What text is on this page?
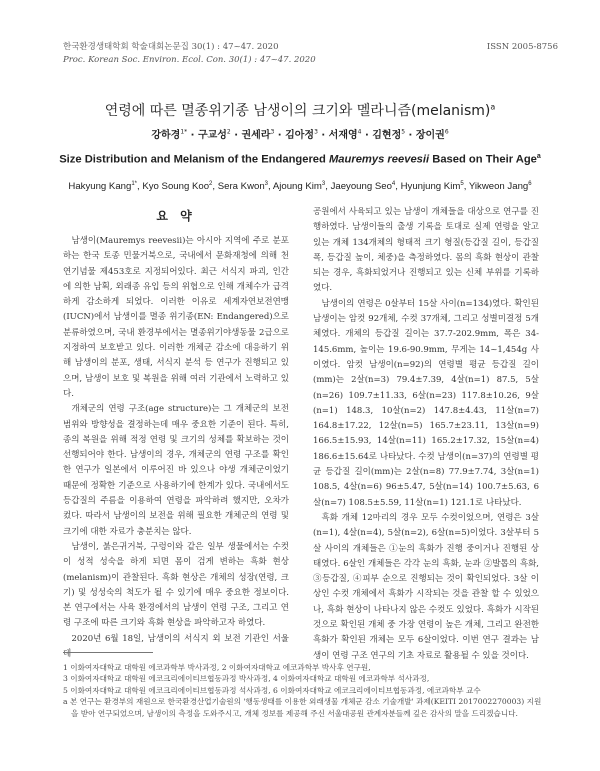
한국환경생태학회 학술대회논문집 30(1) : 47~47. 2020	ISSN 2005-8756
Proc. Korean Soc. Environ. Ecol. Con. 30(1) : 47~47. 2020
연령에 따른 멸종위기종 남생이의 크기와 멜라니즘(melanism)$^a$
강하경$^{1*}$ · 구교성$^2$ · 권세라$^3$ · 김아정$^3$ · 서재영$^4$ · 김현정$^5$ · 장이권$^6$
Size Distribution and Melanism of the Endangered Mauremys reevesii Based on Their Age$^a$
Hakyung Kang$^{1*}$, Kyo Soung Koo$^2$, Sera Kwon$^3$, Ajoung Kim$^3$, Jaeyoung Seo$^4$, Hyunjung Kim$^5$, Yikweon Jang$^6$
요 약

남생이(Mauremys reevesii)는 아시아 지역에 주로 분포하는 한국 토종 민물거북으로, 국내에서 문화재청에 의해 천연기념물 제453호로 지정되어있다. 최근 서식지 파괴, 인간에 의한 남획, 외래종 유입 등의 위협으로 인해 개체수가 급격하게 감소하게 되었다. 이러한 이유로 세계자연보전연맹(IUCN)에서 남생이를 멸종 위기종(EN: Endangered)으로 분류하였으며, 국내 환경부에서는 멸종위기야생동물 2급으로 지정하여 보호받고 있다. 이러한 개체군 감소에 대응하기 위해 남생이의 분포, 생태, 서식지 분석 등 연구가 진행되고 있으며, 남생이 보호 및 복원을 위해 여러 기관에서 노력하고 있다.

개체군의 연령 구조(age structure)는 그 개체군의 보전 범위와 방향성을 결정하는데 매우 중요한 기준이 된다. 특히, 종의 복원을 위해 적정 연령 및 크기의 성체를 확보하는 것이 선행되어야 한다. 남생이의 경우, 개체군의 연령 구조를 확인한 연구가 일본에서 이루어진 바 있으나 야생 개체군이었기 때문에 정확한 기준으로 사용하기에 한계가 있다. 국내에서도 등갑질의 주름을 이용하여 연령을 파악하려 했지만, 오차가 컸다. 따라서 남생이의 보전을 위해 필요한 개체군의 연령 및 크기에 대한 자료가 충분치는 않다.

남생이, 붉은귀거북, 구렁이와 같은 일부 생물에서는 수컷이 성적 성숙을 하게 되면 몸이 검게 변하는 흑화 현상(melanism)이 관찰된다. 흑화 현상은 개체의 성장(연령, 크기) 및 성성숙의 척도가 될 수 있기에 매우 중요한 정보이다. 본 연구에서는 사육 환경에서의 남생이 연령 구조, 그리고 연령 구조에 따른 크기와 흑화 현상을 파악하고자 하였다.

2020년 6월 18일, 남생이의 서식지 외 보전 기관인 서울대

공원에서 사육되고 있는 남생이 개체들을 대상으로 연구를 진행하였다. 남생이들의 출생 기록을 토대로 실제 연령을 알고 있는 개체 134개체의 형태적 크기 형질(등갑질 길이, 등갑질 폭, 등갑질 높이, 체중)을 측정하였다. 몸의 흑화 현상이 관찰되는 경우, 흑화되었거나 진행되고 있는 신체 부위를 기록하였다.

남생이의 연령은 0살부터 15살 사이(n=134)였다. 확인된 남생이는 암컷 92개체, 수컷 37개체, 그리고 성별미결정 5개체였다. 개체의 등갑질 길이는 37.7-202.9mm, 폭은 34-145.6mm, 높이는 19.6-90.9mm, 무게는 14~1,454g 사이였다. 암컷 남생이(n=92)의 연령별 평균 등갑질 길이(mm)는 2살(n=3) 79.4±7.39, 4살(n=1) 87.5, 5살(n=26) 109.7±11.33, 6살(n=23) 117.8±10.26, 9살(n=1) 148.3, 10살(n=2) 147.8±4.43, 11살(n=7) 164.8±17.22, 12살(n=5) 165.7±23.11, 13살(n=9) 166.5±15.93, 14살(n=11) 165.2±17.32, 15살(n=4) 186.6±15.64로 나타났다. 수컷 남생이(n=37)의 연령별 평균 등갑질 길이(mm)는 2살(n=8) 77.9±7.74, 3살(n=1) 108.5, 4살(n=6) 96±5.47, 5살(n=14) 100.7±5.63, 6살(n=7) 108.5±5.59, 11살(n=1) 121.1로 나타났다.

흑화 개체 12마리의 경우 모두 수컷이었으며, 연령은 3살(n=1), 4살(n=4), 5살(n=2), 6살(n=5)이었다. 3살부터 5살 사이의 개체들은 ①눈의 흑화가 진행 중이거나 진행된 상태였다. 6살인 개체들은 각각 눈의 흑화, 눈과 ②발톱의 흑화, ③등갑질, ④피부 순으로 진행되는 것이 확인되었다. 3살 이상인 수컷 개체에서 흑화가 시작되는 것을 관찰 할 수 있었으나, 흑화 현상이 나타나지 않은 수컷도 있었다. 흑화가 시작된 것으로 확인된 개체 중 가장 연령이 높은 개체, 그리고 완전한 흑화가 확인된 개체는 모두 6살이었다. 이번 연구 결과는 남생이 연령 구조 연구의 기초 자료로 활용될 수 있을 것이다.

1 이화여자대학교 대학원 에코과학부 박사과정, 2 이화여자대학교 에코과학부 박사후 연구원,
3 이화여자대학교 대학원 에코크리에이티브협동과정 박사과정, 4 이화여자대학교 대학원 에코과학부 석사과정,
5 이화여자대학교 대학원 에코크리에이티브협동과정 석사과정, 6 이화여자대학교 에코크리에이티브협동과정, 에코과학부 교수
a 본 연구는 환경부의 재원으로 한국환경산업기술원의 '행동생태를 이용한 외래생물 개체군 감소 기술개발' 과제(KEITI 2017002270003) 지원을 받아 연구되었으며, 남생이의 측정을 도와주시고, 개체 정보를 제공해 주신 서울대공원 관계자분들께 깊은 감사의 말을 드리겠습니다.
